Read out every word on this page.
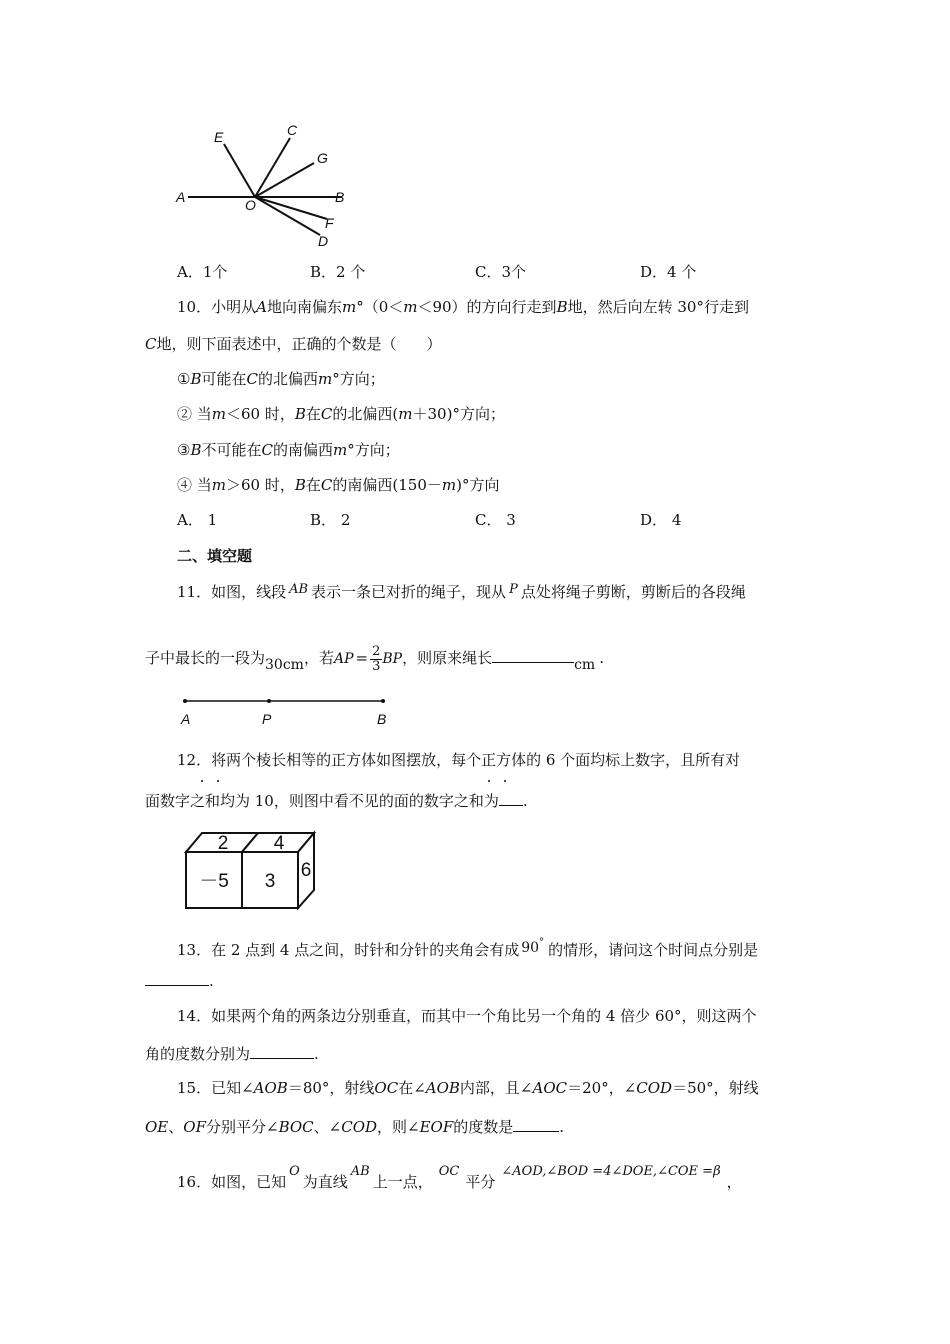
A
E	C
G
O	B
F
D
A．1个	B．2 个	C．3个	D．4 个
10．小明从A地向南偏东m°（0＜m＜90）的方向行走到B地，然后向左转 30°行走到
C地，则下面表述中，正确的个数是（　　）
①B可能在C的北偏西m°方向；
② 当m＜60 时，B在C的北偏西(m＋30)°方向；
③B不可能在C的南偏西m°方向；
④ 当m＞60 时，B在C的南偏西(150－m)°方向
A． 1	B． 2	C． 3	D． 4
二、填空题
11．如图，线段 AB 表示一条已对折的绳子，现从 P 点处将绳子剪断，剪断后的各段绳
子中最长的一段为30cm，若AP = $\frac{2}{3}$ BP，则原来绳长	cm .
A	P	B
12．将两个棱长相等的正方体如图摆放，每个正方体的 6 个面均标上数字，且所有对
面数字之和均为 10，则图中看不见的面的数字之和为 .
2 4
－5 3
6
13．在 2 点到 4 点之间，时针和分针的夹角会有成 90° 的情形，请问这个时间点分别是
.
14．如果两个角的两条边分别垂直，而其中一个角比另一个角的 4 倍少 60°，则这两个
角的度数分别为	.
15．已知∠AOB＝80°，射线OC在∠AOB内部，且∠AOC＝20°，∠COD＝50°，射线
OE、OF分别平分∠BOC、∠COD，则∠EOF的度数是	.
16．如图，已知O为直线AB上一点，OC平分∠AOD,∠BOD =4∠DOE,∠COE =β，
